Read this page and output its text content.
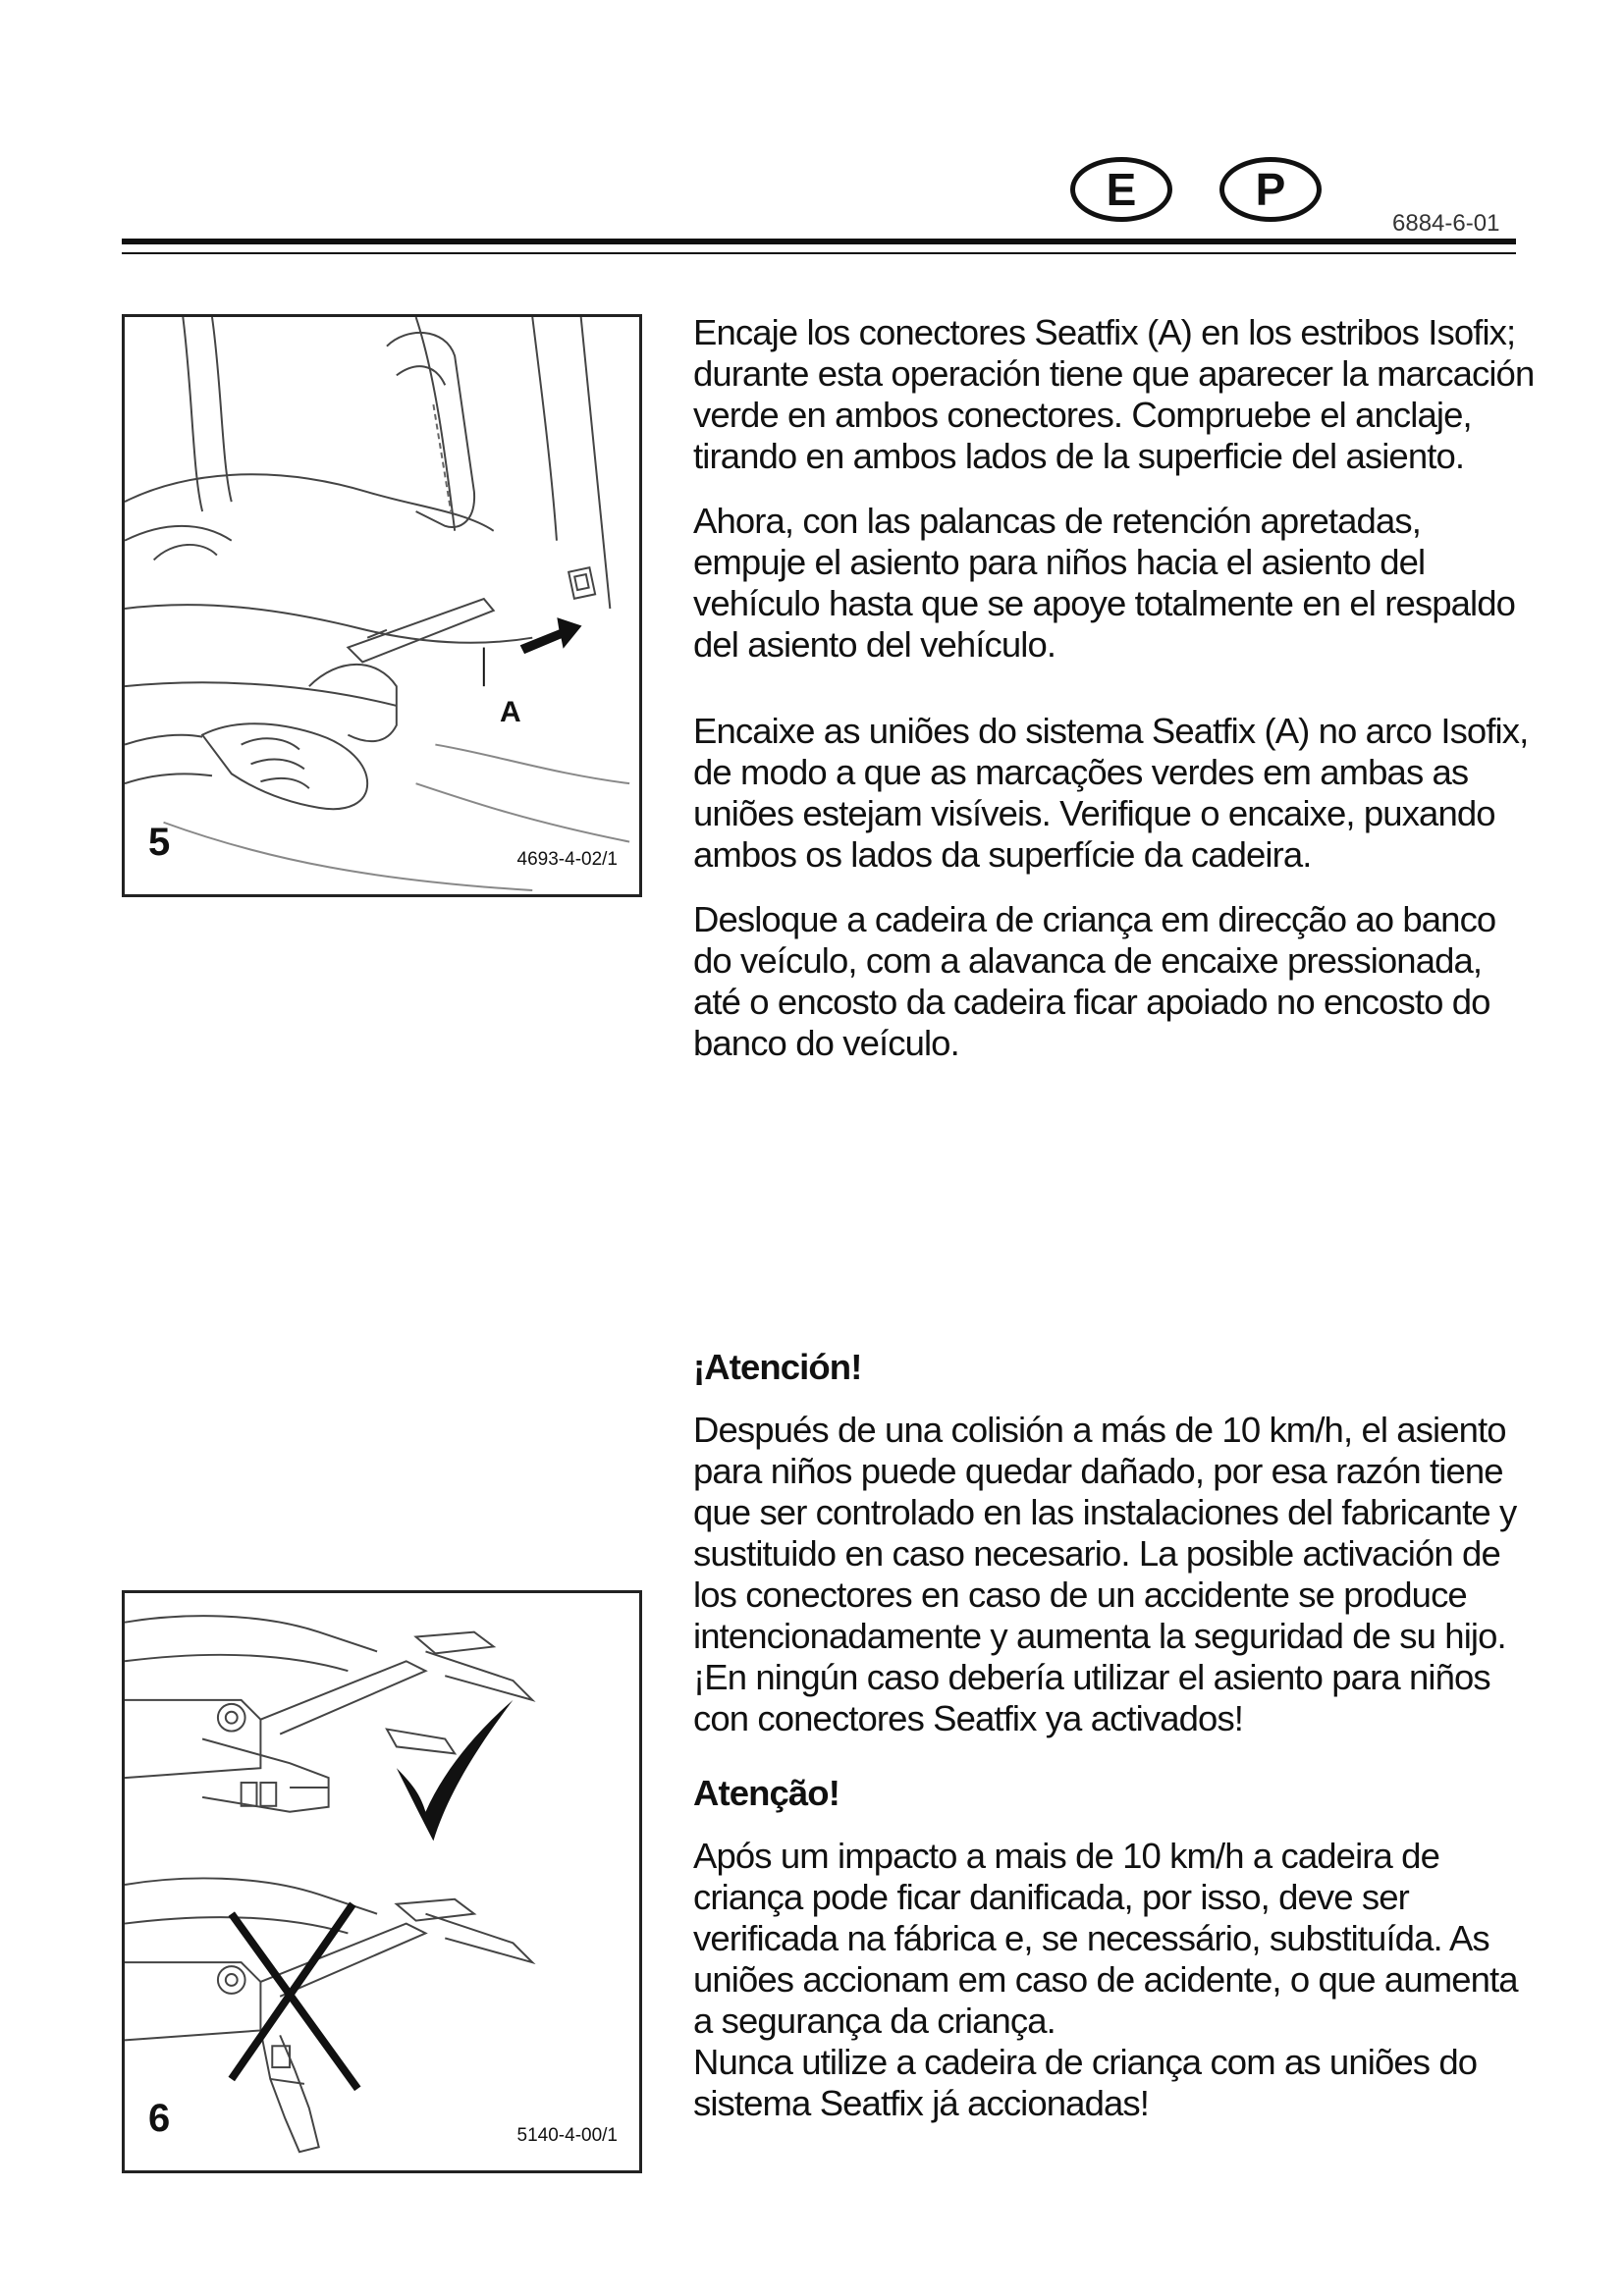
E	P
6884-6-01
A
5	4693-4-02/1

Encaje los conectores Seatfix (A) en los estribos Isofix; durante esta operación tiene que aparecer la marcación verde en ambos conectores. Compruebe el anclaje, tirando en ambos lados de la superficie del asiento.

Ahora, con las palancas de retención apretadas, empuje el asiento para niños hacia el asiento del vehículo hasta que se apoye totalmente en el respaldo del asiento del vehículo.

Encaixe as uniões do sistema Seatfix (A) no arco Isofix, de modo a que as marcações verdes em ambas as uniões estejam visíveis. Verifique o encaixe, puxando ambos os lados da superfície da cadeira.

Desloque a cadeira de criança em direcção ao banco do veículo, com a alavanca de encaixe pressionada, até o encosto da cadeira ficar apoiado no encosto do banco do veículo.

¡Atención!

Después de una colisión a más de 10 km/h, el asiento para niños puede quedar dañado, por esa razón tiene que ser controlado en las instalaciones del fabricante y sustituido en caso necesario. La posible activación de los conectores en caso de un accidente se produce intencionadamente y aumenta la seguridad de su hijo.

¡En ningún caso debería utilizar el asiento para niños con conectores Seatfix ya activados!

Atenção!

Após um impacto a mais de 10 km/h a cadeira de criança pode ficar danificada, por isso, deve ser verificada na fábrica e, se necessário, substituída. As uniões accionam em caso de acidente, o que aumenta a segurança da criança.

Nunca utilize a cadeira de criança com as uniões do sistema Seatfix já accionadas!

6	5140-4-00/1
